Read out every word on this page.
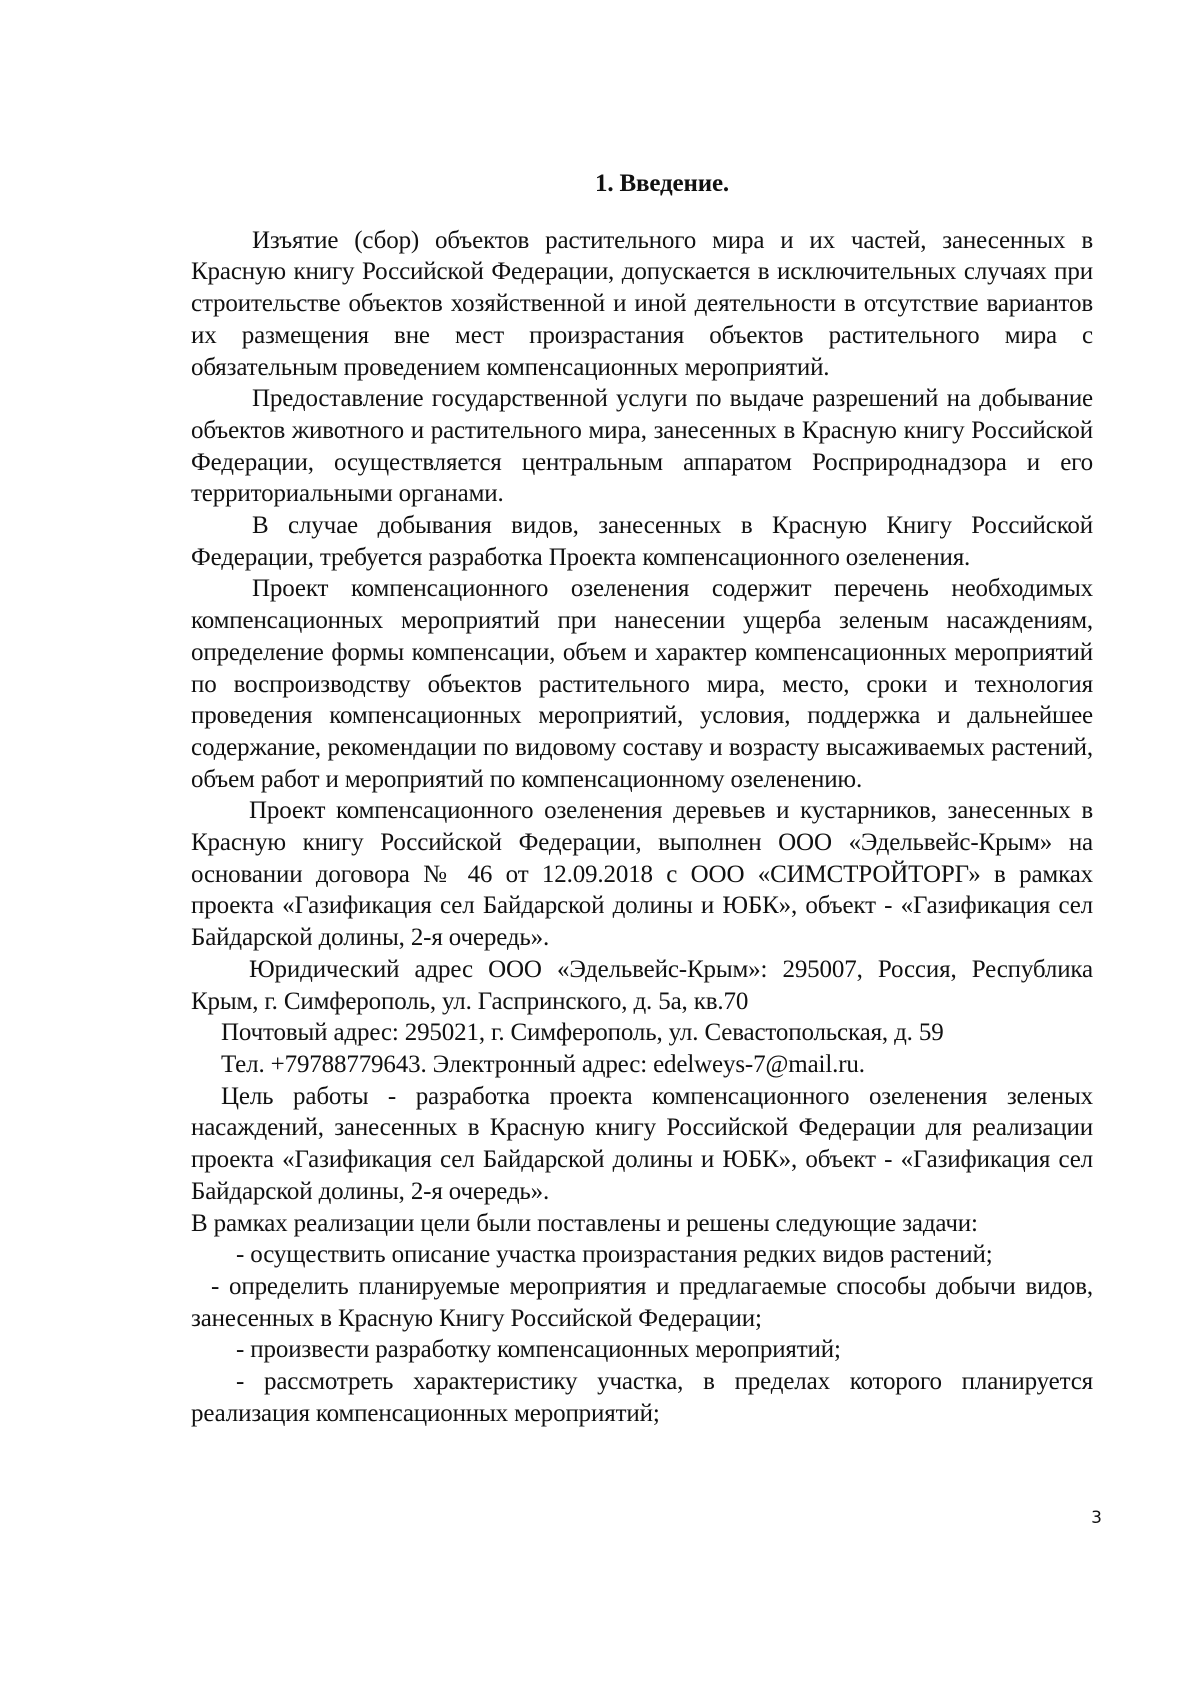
1. Введение.

Изъятие (сбор) объектов растительного мира и их частей, занесенных в Красную книгу Российской Федерации, допускается в исключительных случаях при строительстве объектов хозяйственной и иной деятельности в отсутствие вариантов их размещения вне мест произрастания объектов растительного мира с обязательным проведением компенсационных мероприятий.

Предоставление государственной услуги по выдаче разрешений на добывание объектов животного и растительного мира, занесенных в Красную книгу Российской Федерации, осуществляется центральным аппаратом Росприроднадзора и его территориальными органами.

В случае добывания видов, занесенных в Красную Книгу Российской Федерации, требуется разработка Проекта компенсационного озеленения.

Проект компенсационного озеленения содержит перечень необходимых компенсационных мероприятий при нанесении ущерба зеленым насаждениям, определение формы компенсации, объем и характер компенсационных мероприятий по воспроизводству объектов растительного мира, место, сроки и технология проведения компенсационных мероприятий, условия, поддержка и дальнейшее содержание, рекомендации по видовому составу и возрасту высаживаемых растений, объем работ и мероприятий по компенсационному озеленению.

Проект компенсационного озеленения деревьев и кустарников, занесенных в Красную книгу Российской Федерации, выполнен ООО «Эдельвейс-Крым» на основании договора № 46 от 12.09.2018 с ООО «СИМСТРОЙТОРГ» в рамках проекта «Газификация сел Байдарской долины и ЮБК», объект - «Газификация сел Байдарской долины, 2-я очередь».

Юридический адрес ООО «Эдельвейс-Крым»: 295007, Россия, Республика Крым, г. Симферополь, ул. Гаспринского, д. 5а, кв.70

Почтовый адрес: 295021, г. Симферополь, ул. Севастопольская, д. 59

Тел. +79788779643. Электронный адрес: edelweys-7@mail.ru.

Цель работы - разработка проекта компенсационного озеленения зеленых насаждений, занесенных в Красную книгу Российской Федерации для реализации проекта «Газификация сел Байдарской долины и ЮБК», объект - «Газификация сел Байдарской долины, 2-я очередь».

В рамках реализации цели были поставлены и решены следующие задачи:

- осуществить описание участка произрастания редких видов растений;

- определить планируемые мероприятия и предлагаемые способы добычи видов, занесенных в Красную Книгу Российской Федерации;

- произвести разработку компенсационных мероприятий;

- рассмотреть характеристику участка, в пределах которого планируется реализация компенсационных мероприятий;

3
